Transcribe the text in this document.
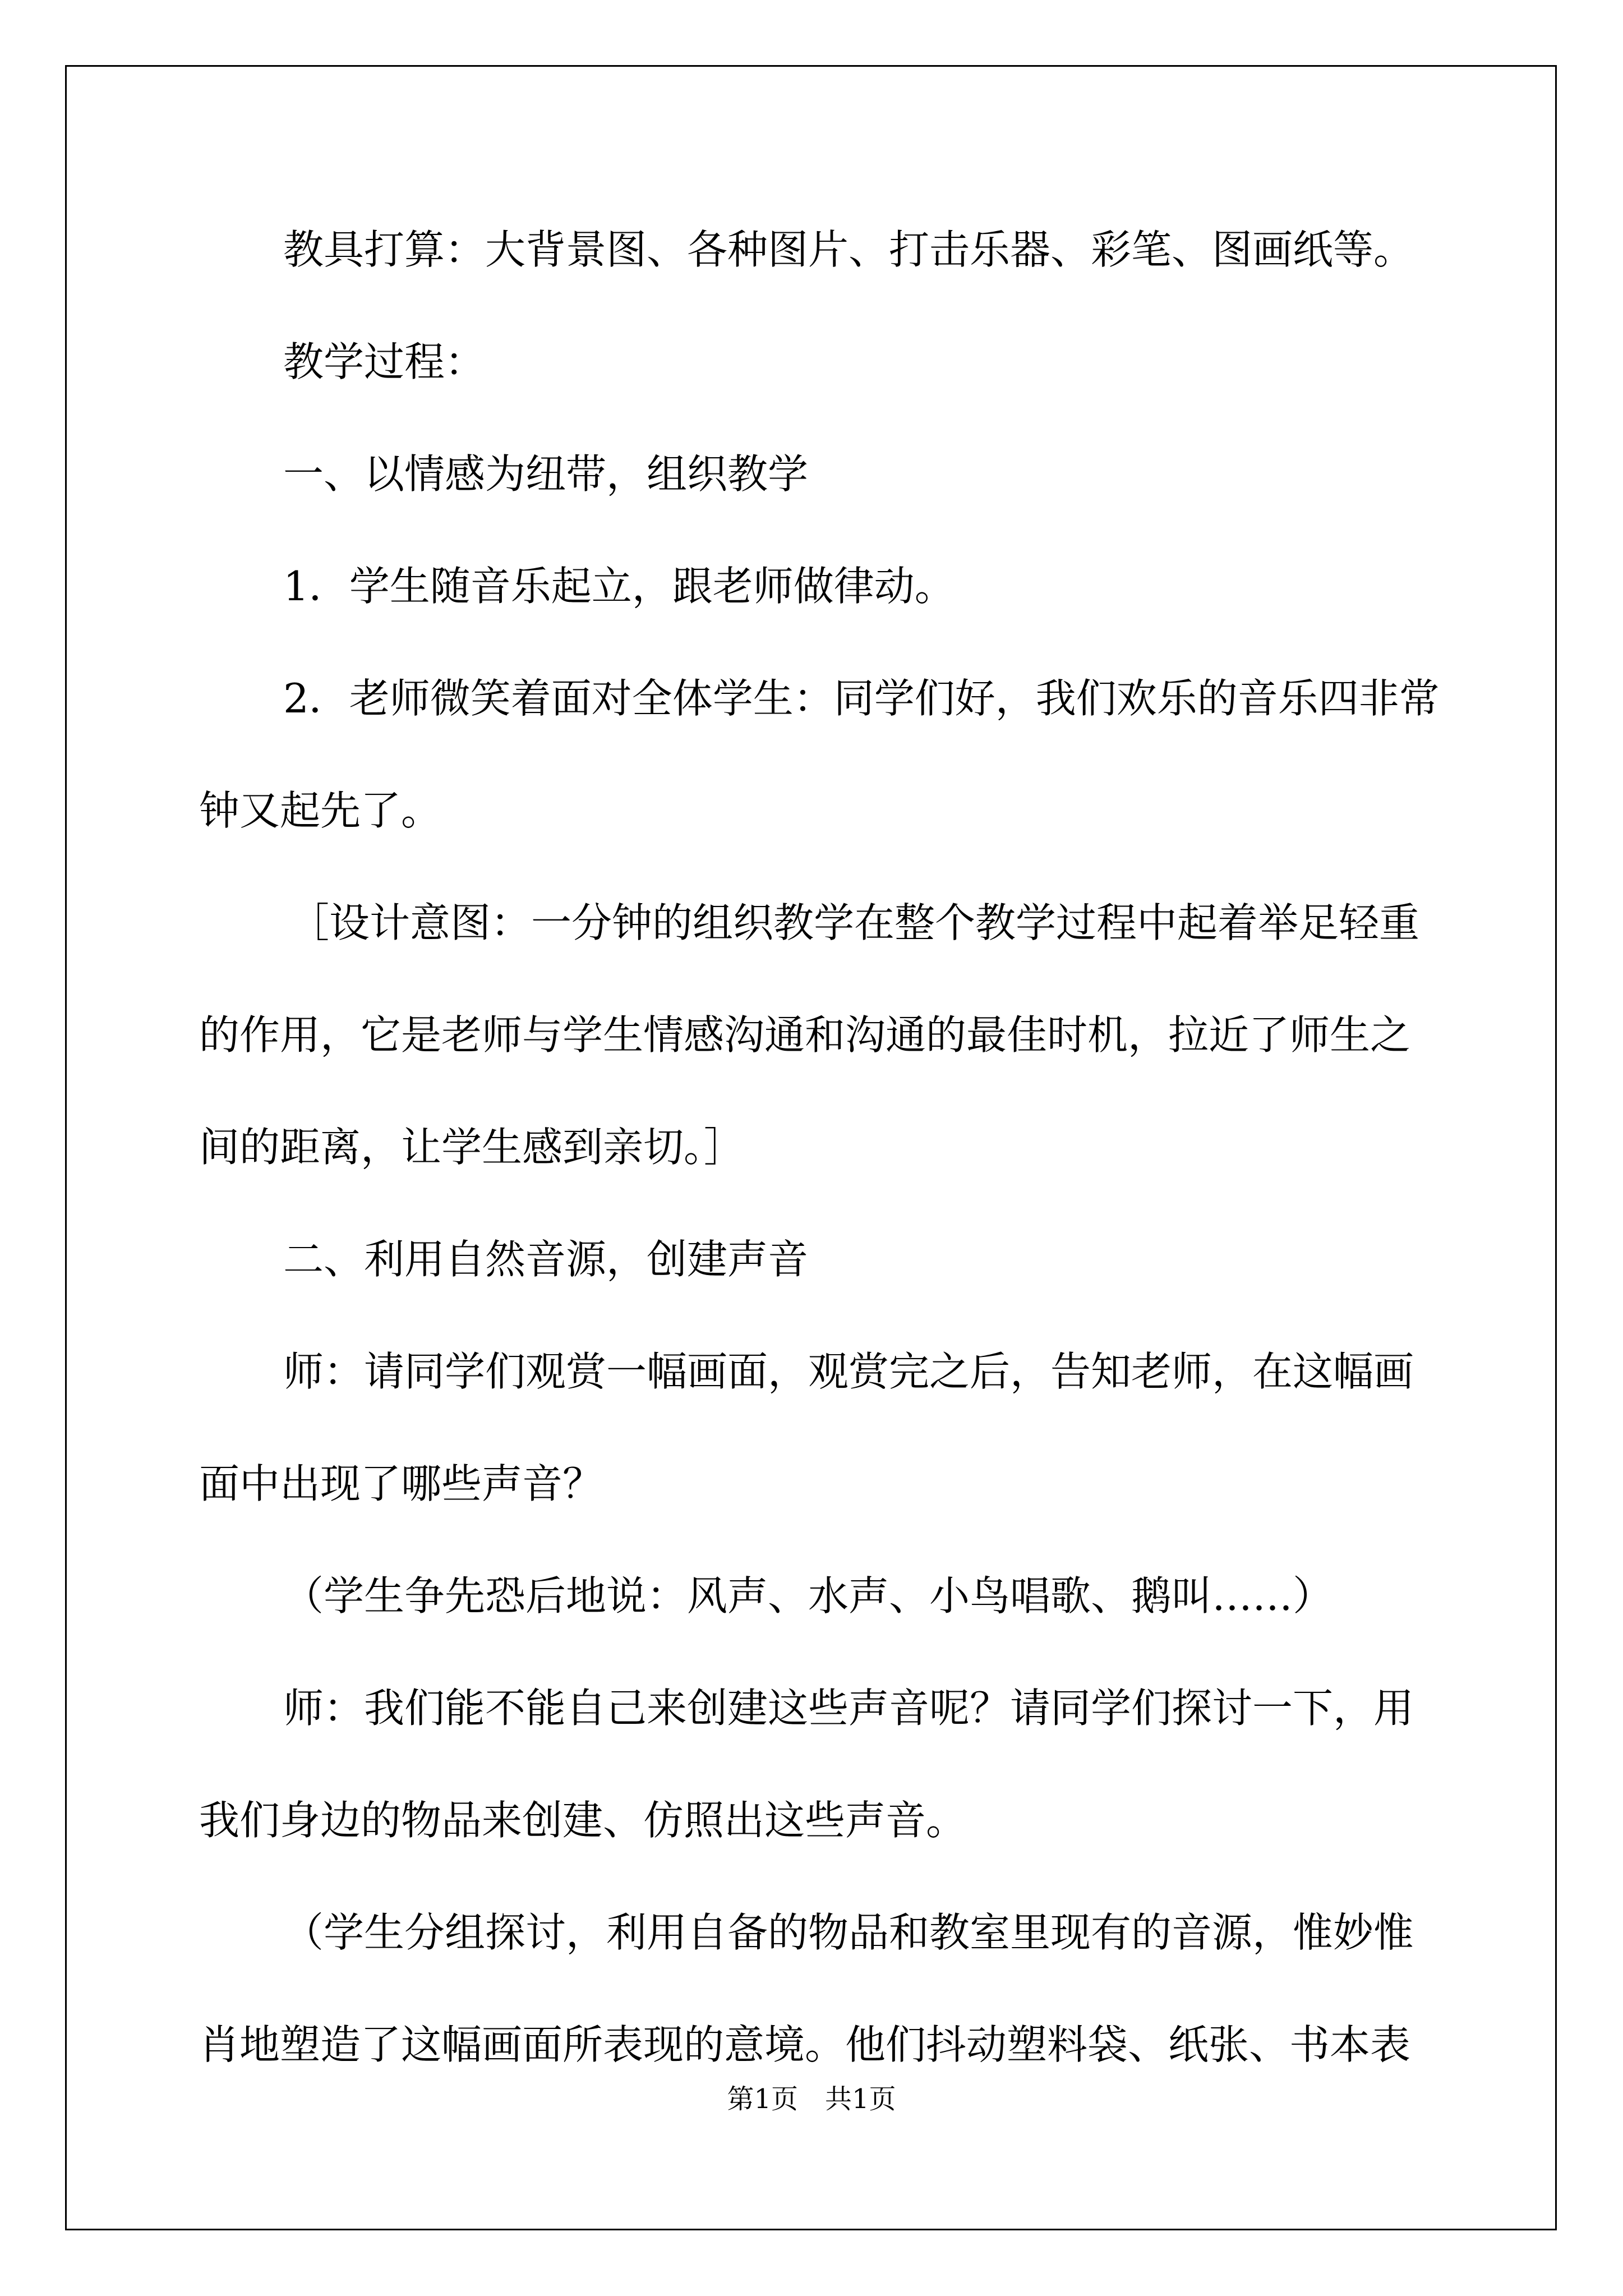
教具打算：大背景图、各种图片、打击乐器、彩笔、图画纸等。

教学过程：

一、以情感为纽带，组织教学

1．学生随音乐起立，跟老师做律动。

2．老师微笑着面对全体学生：同学们好，我们欢乐的音乐四非常

钟又起先了。

［设计意图：一分钟的组织教学在整个教学过程中起着举足轻重

的作用，它是老师与学生情感沟通和沟通的最佳时机，拉近了师生之

间的距离，让学生感到亲切。］

二、利用自然音源，创建声音

师：请同学们观赏一幅画面，观赏完之后，告知老师，在这幅画

面中出现了哪些声音？

（学生争先恐后地说：风声、水声、小鸟唱歌、鹅叫……）

师：我们能不能自己来创建这些声音呢？请同学们探讨一下，用

我们身边的物品来创建、仿照出这些声音。

（学生分组探讨，利用自备的物品和教室里现有的音源，惟妙惟

肖地塑造了这幅画面所表现的意境。他们抖动塑料袋、纸张、书本表

第1页　共1页
